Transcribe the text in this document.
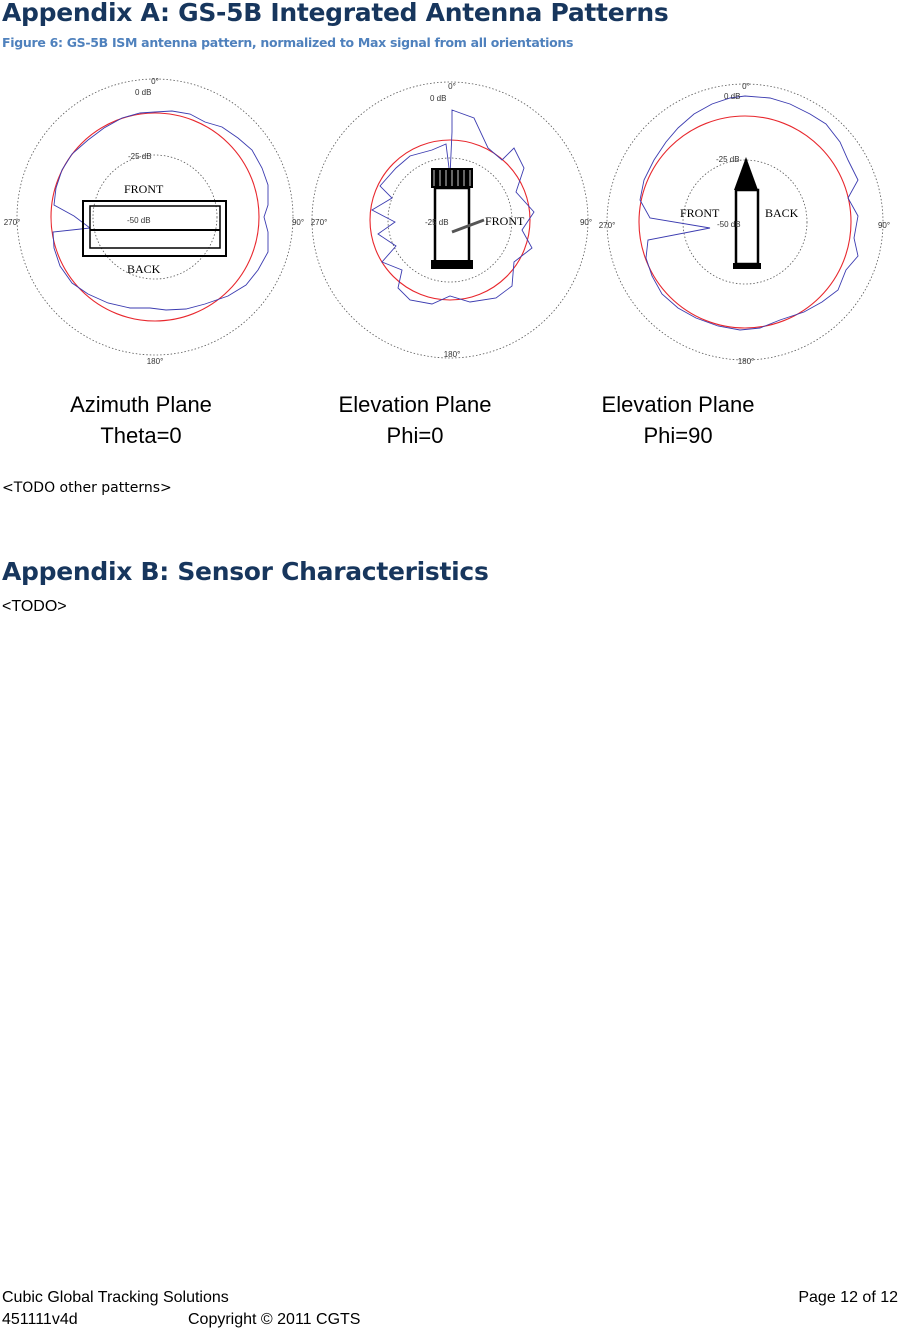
Appendix A: GS-5B Integrated Antenna Patterns
Figure 6: GS-5B ISM antenna pattern, normalized to Max signal from all orientations
0°
90°
180°
270°
0 dB
-25 dB
-50 dB
FRONT
BACK
0°
90°
180°
270°
0 dB
-25 dB	FRONT
0°
90°
180°
270°
0 dB
-25 dB
-50 dB
FRONT	BACK
Azimuth Plane
Theta=0
Elevation Plane
Phi=0
Elevation Plane
Phi=90
<TODO other patterns>
Appendix B: Sensor Characteristics
<TODO>
Cubic Global Tracking Solutions	Page 12 of 12
451111v4d	Copyright © 2011 CGTS
